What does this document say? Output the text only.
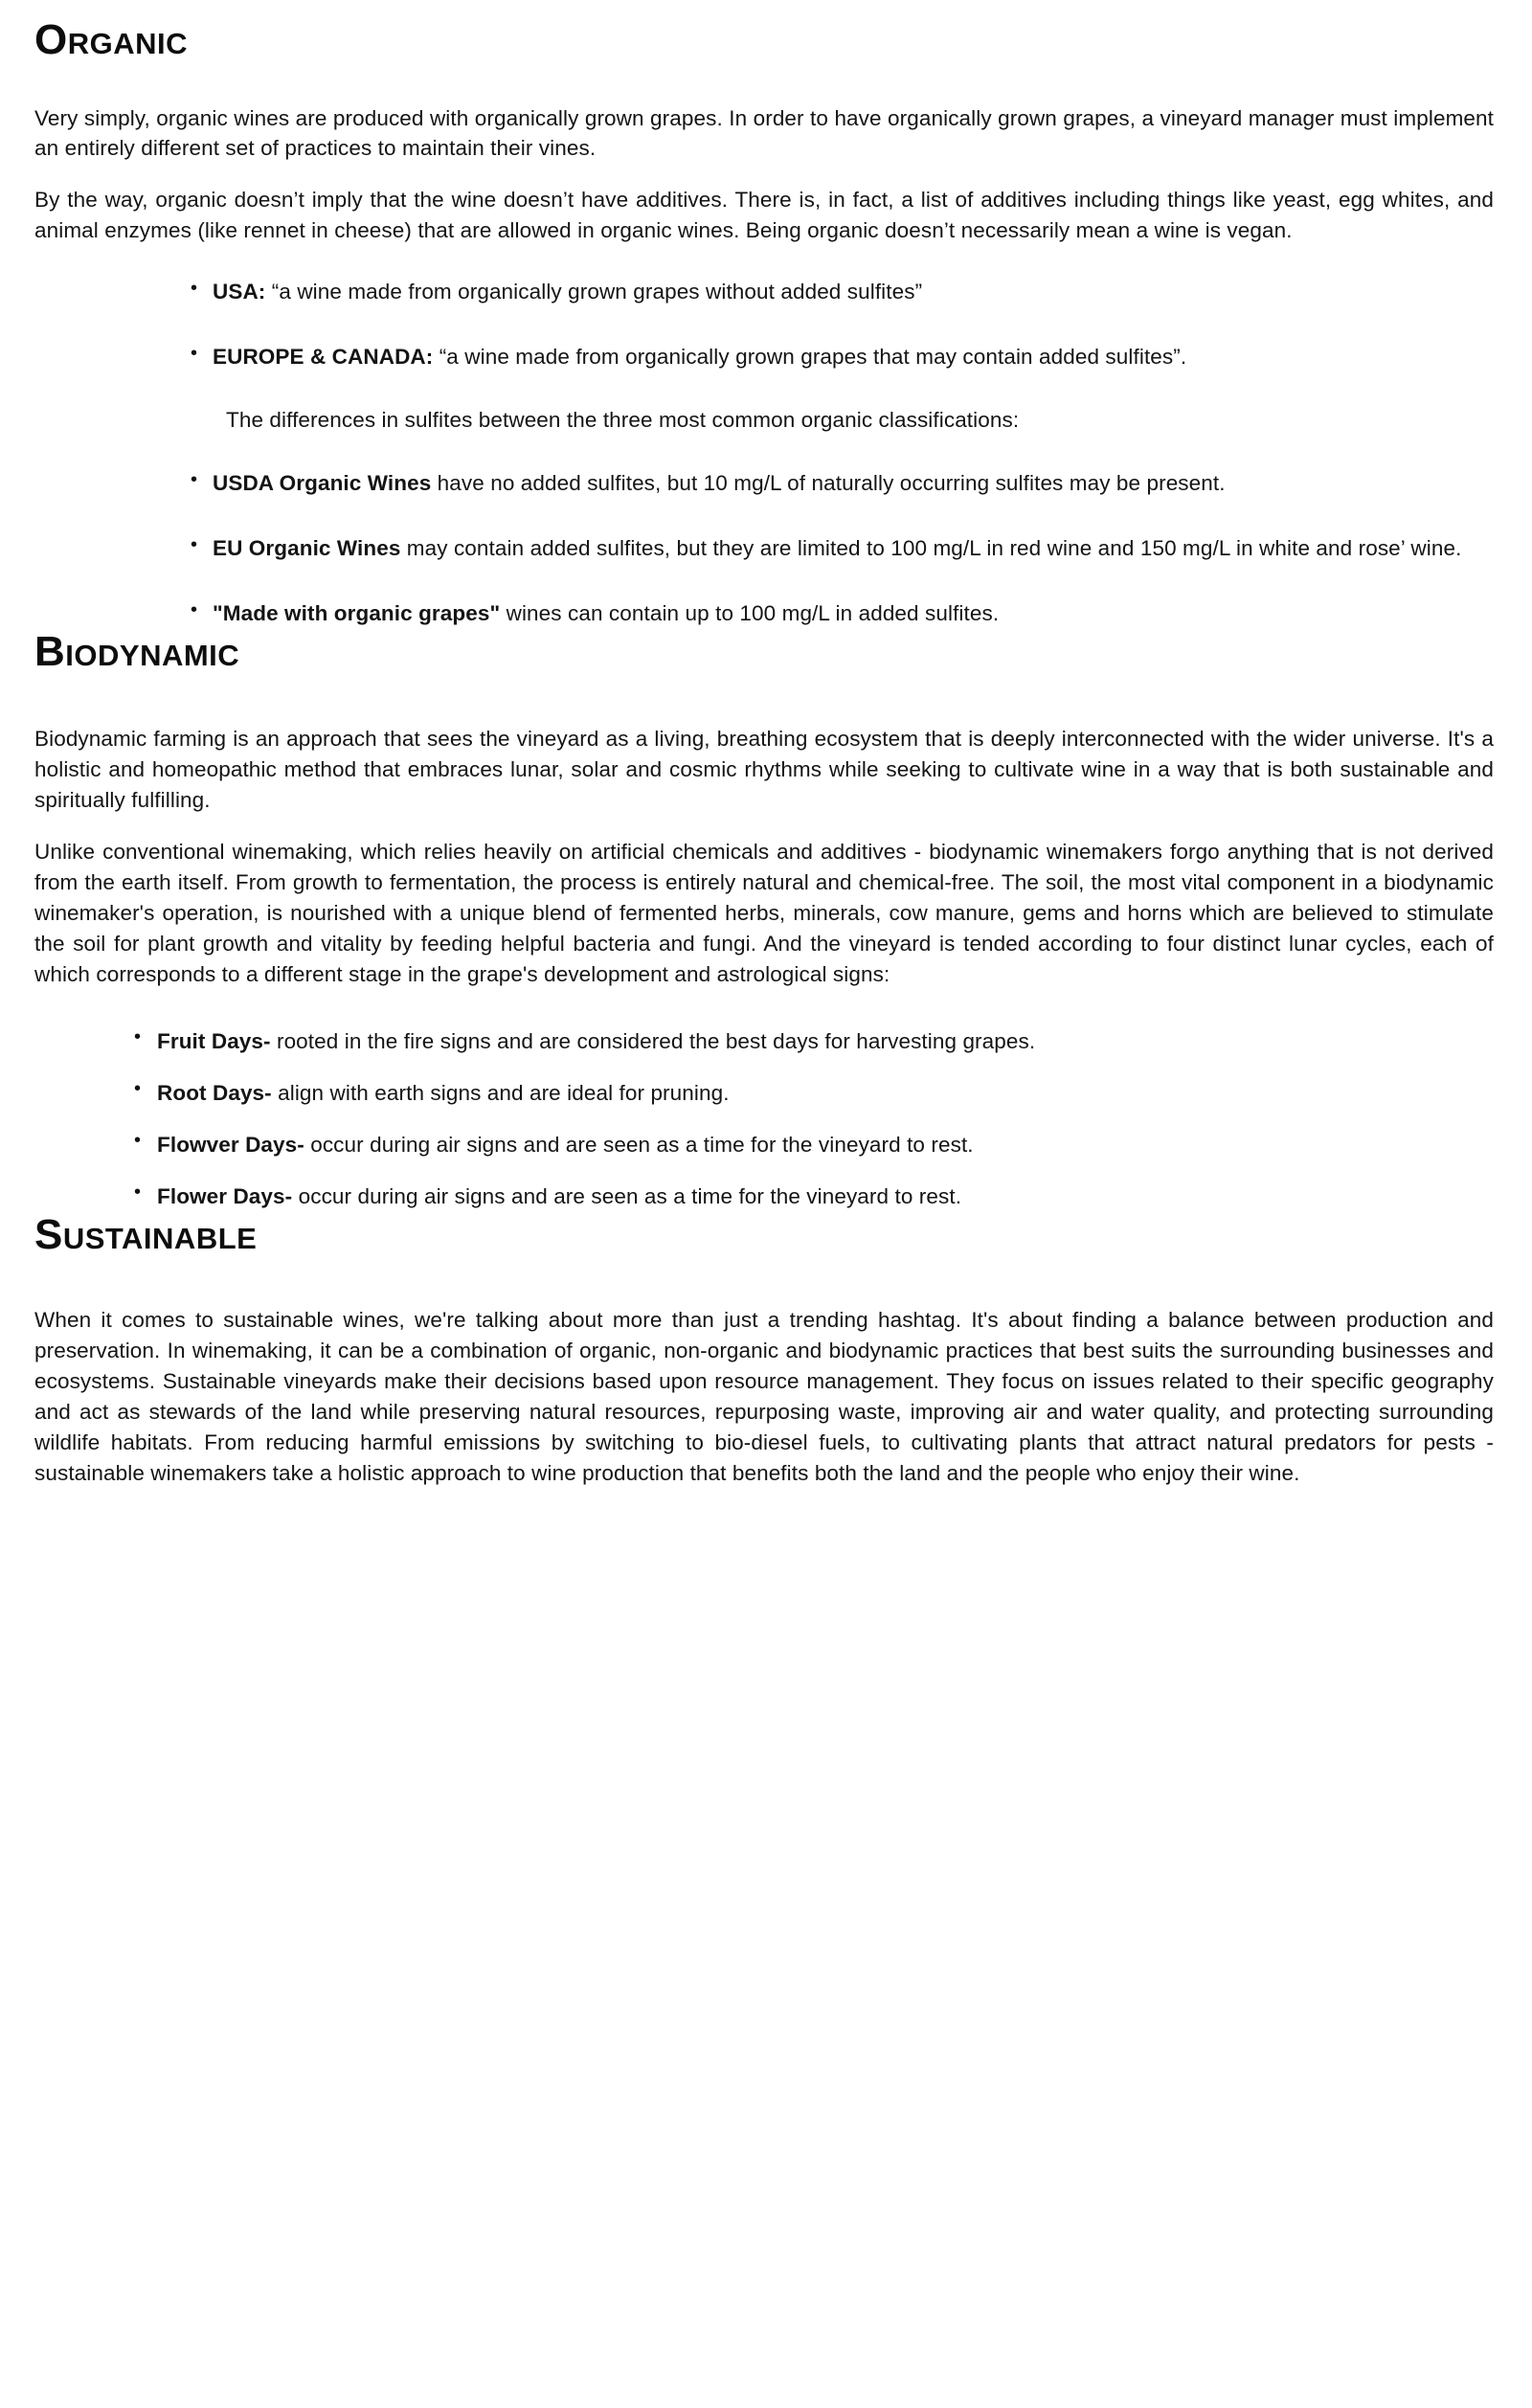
Organic

Very simply, organic wines are produced with organically grown grapes. In order to have organically grown grapes, a vineyard manager must implement an entirely different set of practices to maintain their vines.

By the way, organic doesn’t imply that the wine doesn’t have additives. There is, in fact, a list of additives including things like yeast, egg whites, and animal enzymes (like rennet in cheese) that are allowed in organic wines. Being organic doesn’t necessarily mean a wine is vegan.

• USA: “a wine made from organically grown grapes without added sulfites”
• EUROPE & CANADA: “a wine made from organically grown grapes that may contain added sulfites”.
The differences in sulfites between the three most common organic classifications:
• USDA Organic Wines have no added sulfites, but 10 mg/L of naturally occurring sulfites may be present.
• EU Organic Wines may contain added sulfites, but they are limited to 100 mg/L in red wine and 150 mg/L in white and rose’ wine.
• "Made with organic grapes" wines can contain up to 100 mg/L in added sulfites.
Biodynamic

Biodynamic farming is an approach that sees the vineyard as a living, breathing ecosystem that is deeply interconnected with the wider universe. It's a holistic and homeopathic method that embraces lunar, solar and cosmic rhythms while seeking to cultivate wine in a way that is both sustainable and spiritually fulfilling.

Unlike conventional winemaking, which relies heavily on artificial chemicals and additives - biodynamic winemakers forgo anything that is not derived from the earth itself. From growth to fermentation, the process is entirely natural and chemical-free. The soil, the most vital component in a biodynamic winemaker's operation, is nourished with a unique blend of fermented herbs, minerals, cow manure, gems and horns which are believed to stimulate the soil for plant growth and vitality by feeding helpful bacteria and fungi. And the vineyard is tended according to four distinct lunar cycles, each of which corresponds to a different stage in the grape's development and astrological signs:

• Fruit Days- rooted in the fire signs and are considered the best days for harvesting grapes.
• Root Days- align with earth signs and are ideal for pruning.
• Flowver Days- occur during air signs and are seen as a time for the vineyard to rest.
• Flower Days- occur during air signs and are seen as a time for the vineyard to rest.
Sustainable

When it comes to sustainable wines, we're talking about more than just a trending hashtag. It's about finding a balance between production and preservation. In winemaking, it can be a combination of organic, non-organic and biodynamic practices that best suits the surrounding businesses and ecosystems. Sustainable vineyards make their decisions based upon resource management. They focus on issues related to their specific geography and act as stewards of the land while preserving natural resources, repurposing waste, improving air and water quality, and protecting surrounding wildlife habitats. From reducing harmful emissions by switching to bio-diesel fuels, to cultivating plants that attract natural predators for pests - sustainable winemakers take a holistic approach to wine production that benefits both the land and the people who enjoy their wine.
